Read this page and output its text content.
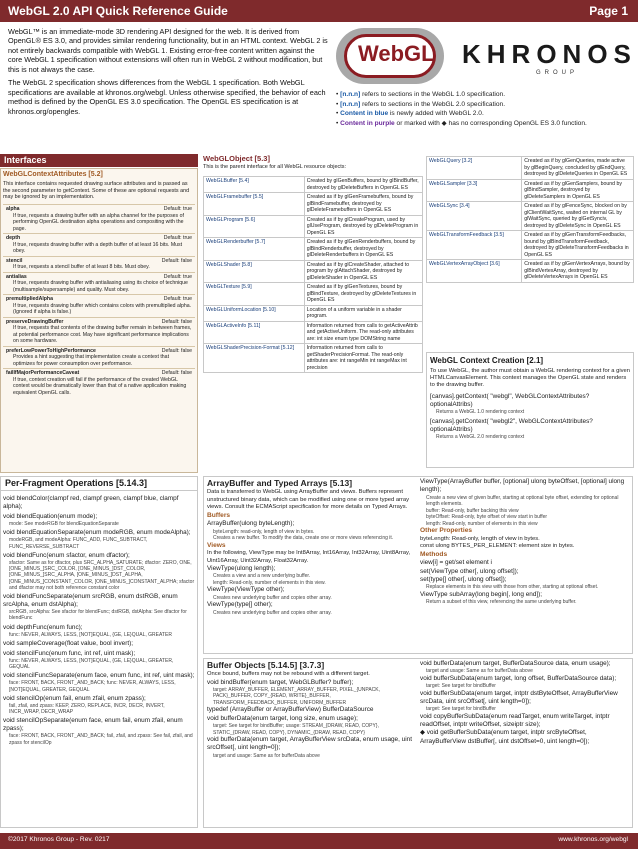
WebGL 2.0 API Quick Reference Guide	Page 1

WebGL™ is an immediate-mode 3D rendering API designed for the web. It is derived from OpenGL® ES 3.0, and provides similar rendering functionality, but in an HTML context. WebGL 2 is not entirely backwards compatible with WebGL 1. Existing error-free content written against the core WebGL 1 specification without extensions will often run in WebGL 2 without modification, but this is not always the case.

The WebGL 2 specification shows differences from the WebGL 1 specification. Both WebGL specifications are available at khronos.org/webgl. Unless otherwise specified, the behavior of each method is defined by the OpenGL ES 3.0 specification. The OpenGL ES specification is at khronos.org/opengles.

WebGL KHRONOS
GROUP
• [n.n.n] refers to sections in the WebGL 1.0 specification.
• [n.n.n] refers to sections in the WebGL 2.0 specification.
• Content in blue is newly added with WebGL 2.0.
• Content in purple or marked with ◆ has no corresponding OpenGL ES 3.0 function.
Interfaces
WebGLContextAttributes [5.2]
This interface contains requested drawing surface attributes and is passed as the second parameter to getContext. Some of these are optional requests and may be ignored by an implementation.
alpha	Default: true
If true, requests a drawing buffer with an alpha channel for the purposes of performing OpenGL destination alpha operations and compositing with the page.
depth	Default: true
If true, requests drawing buffer with a depth buffer of at least 16 bits. Must obey.
stencil	Default: false
If true, requests a stencil buffer of at least 8 bits. Must obey.
antialias	Default: true
If true, requests drawing buffer with antialiasing using its choice of technique (multisample/supersample) and quality. Must obey.
premultipliedAlpha	Default: true
If true, requests drawing buffer which contains colors with premultiplied alpha. (Ignored if alpha is false.)
preserveDrawingBuffer	Default: false
If true, requests that contents of the drawing buffer remain in between frames, at potential performance cost. May have significant performance implications on some hardware.
preferLowPowerToHighPerformance	Default: false
Provides a hint suggesting that implementation create a context that optimizes for power consumption over performance.
failIfMajorPerformanceCaveat	Default: false
If true, context creation will fail if the performance of the created WebGL context would be dramatically lower than that of a native application making equivalent OpenGL calls.
WebGLObject [5.3]
This is the parent interface for all WebGL resource objects:
WebGLBuffer [5.4]	Created by glGenBuffers, bound by glBindBuffer, destroyed by glDeleteBuffers in OpenGL ES
WebGLFramebuffer [5.5]	Created as if by glGenFramebuffers, bound by glBindFramebuffer, destroyed by glDeleteFramebuffers in OpenGL ES
WebGLProgram [5.6]	Created as if by glCreateProgram, used by glUseProgram, destroyed by glDeleteProgram in OpenGL ES
WebGLRenderbuffer [5.7]	Created as if by glGenRenderbuffers, bound by glBindRenderbuffer, destroyed by glDeleteRenderbuffers in OpenGL ES
WebGLShader [5.8]	Created as if by glCreateShader, attached to program by glAttachShader, destroyed by glDeleteShader in OpenGL ES
WebGLTexture [5.9]	Created as if by glGenTextures, bound by glBindTexture, destroyed by glDeleteTextures in OpenGL ES
WebGLUniformLocation [5.10]	Location of a uniform variable in a shader program.
WebGLActiveInfo [5.11]	Information returned from calls to getActiveAttrib and getActiveUniform. The read-only attributes are: int size enum type DOMString name
WebGLShaderPrecision-Format [5.12]	Information returned from calls to getShaderPrecisionFormat. The read-only attributes are: int rangeMin int rangeMax int precision
WebGLQuery [3.2]	Created as if by glGenQueries, made active by glBeginQuery, concluded by glEndQuery, destroyed by glDeleteQueries in OpenGL ES
WebGLSampler [3.3]	Created as if by glGenSamplers, bound by glBindSampler, destroyed by glDeleteSamplers in OpenGL ES
WebGLSync [3.4]	Created as if by glFenceSync, blocked on by glClientWaitSync, waited on internal GL by glWaitSync, queried by glGetSynciv, destroyed by glDeleteSync in OpenGL ES
WebGLTransformFeedback [3.5]	Created as if by glGenTransformFeedbacks, bound by glBindTransformFeedback, destroyed by glDeleteTransformFeedbacks in OpenGL ES
WebGLVertexArrayObject [3.6]	Created as if by glGenVertexArrays, bound by glBindVertexArray, destroyed by glDeleteVertexArrays in OpenGL ES
WebGL Context Creation [2.1]
To use WebGL, the author must obtain a WebGL rendering context for a given HTMLCanvasElement. This context manages the OpenGL state and renders to the drawing buffer.
[canvas].getContext( "webgl", WebGLContextAttributes? optionalAttribs)
Returns a WebGL 1.0 rendering context
[canvas].getContext( "webgl2", WebGLContextAttributes? optionalAttribs)
Returns a WebGL 2.0 rendering context
Per-Fragment Operations [5.14.3]
void blendColor(clampf red, clampf green, clampf blue, clampf alpha);
void blendEquation(enum mode);
mode: See modeRGB for blendEquationSeparate
void blendEquationSeparate(enum modeRGB, enum modeAlpha);
modeRGB, and modeAlpha: FUNC_ADD, FUNC_SUBTRACT, FUNC_REVERSE_SUBTRACT
void blendFunc(enum sfactor, enum dfactor);
sfactor: Same as for dfactor, plus SRC_ALPHA_SATURATE; dfactor: ZERO, ONE, [ONE_MINUS_]SRC_COLOR, [ONE_MINUS_]DST_COLOR, [ONE_MINUS_]SRC_ALPHA, [ONE_MINUS_]DST_ALPHA, [ONE_MINUS_]CONSTANT_COLOR, [ONE_MINUS_]CONSTANT_ALPHA; sfactor and dfactor may not both reference constant color
void blendFuncSeparate(enum srcRGB, enum dstRGB, enum srcAlpha, enum dstAlpha);
srcRGB, srcAlpha: See sfactor for blendFunc; dstRGB, dstAlpha: See dfactor for blendFunc
void depthFunc(enum func);
func: NEVER, ALWAYS, LESS, [NOT]EQUAL, {GE, LE}QUAL, GREATER
void sampleCoverage(float value, bool invert);
void stencilFunc(enum func, int ref, uint mask);
func: NEVER, ALWAYS, LESS, [NOT]EQUAL, {GE, LE}QUAL, GREATER, GEQUAL
void stencilFuncSeparate(enum face, enum func, int ref, uint mask);
face: FRONT, BACK, FRONT_AND_BACK; func: NEVER, ALWAYS, LESS, [NOT]EQUAL, GREATER, GEQUAL
void stencilOp(enum fail, enum zfail, enum zpass);
fail, zfail, and zpass: KEEP, ZERO, REPLACE, INCR, DECR, INVERT, INCR_WRAP, DECR_WRAP
void stencilOpSeparate(enum face, enum fail, enum zfail, enum zpass);
face: FRONT, BACK, FRONT_AND_BACK; fail, zfail, and zpass: See fail, zfail, and zpass for stencilOp
ArrayBuffer and Typed Arrays [5.13]
Data is transferred to WebGL using ArrayBuffer and views. Buffers represent unstructured binary data, which can be modified using one or more typed array views. Consult the ECMAScript specification for more details on Typed Arrays.
Buffers
ArrayBuffer(ulong byteLength);
byteLength: read-only, length of view in bytes.
Creates a new buffer. To modify the data, create one or more views referencing it.
Views
In the following, ViewType may be Int8Array, Int16Array, Int32Array, Uint8Array, Uint16Array, Uint32Array, Float32Array.
ViewType(ulong length);
Creates a view and a new underlying buffer.
length: Read-only, number of elements in this view.
ViewType(ViewType other);
Creates new underlying buffer and copies other array.
ViewType(type[] other);
Creates new underlying buffer and copies other array.
ViewType(ArrayBuffer buffer, [optional] ulong byteOffset, [optional] ulong length);
Create a new view of given buffer, starting at optional byte offset, extending for optional length elements.
buffer: Read-only, buffer backing this view
byteOffset: Read-only, byte offset of view start in buffer
length: Read-only, number of elements in this view
Other Properties
byteLength: Read-only, length of view in bytes.
const ulong BYTES_PER_ELEMENT: element size in bytes.
Methods
view[i] = get/set element i
set(ViewType other[, ulong offset]);
set(type[] other[, ulong offset]);
Replace elements in this view with those from other, starting at optional offset.
ViewType subArray(long begin[, long end]);
Return a subset of this view, referencing the same underlying buffer.
Buffer Objects [5.14.5] [3.7.3]
Once bound, buffers may not be rebound with a different target.
void bindBuffer(enum target, WebGLBuffer? buffer);
target: ARRAY_BUFFER, ELEMENT_ARRAY_BUFFER, PIXEL_{UNPACK, PACK}_BUFFER, COPY_{READ, WRITE}_BUFFER, TRANSFORM_FEEDBACK_BUFFER, UNIFORM_BUFFER
typedef (ArrayBuffer or ArrayBufferView) BufferDataSource
void bufferData(enum target, long size, enum usage);
target: See target for bindBuffer; usage: STREAM_{DRAW, READ, COPY}, STATIC_{DRAW, READ, COPY}, DYNAMIC_{DRAW, READ, COPY}
void bufferData(enum target, ArrayBufferView srcData, enum usage, uint srcOffset[, uint length=0]);
target and usage: Same as for bufferData above
void bufferData(enum target, BufferDataSource data, enum usage);
target and usage: Same as for bufferData above
void bufferSubData(enum target, long offset, BufferDataSource data);
target: See target for bindBuffer
void bufferSubData(enum target, intptr dstByteOffset, ArrayBufferView srcData, uint srcOffset[, uint length=0]);
target: See target for bindBuffer
void copyBufferSubData(enum readTarget, enum writeTarget, intptr readOffset, intptr writeOffset, sizeiptr size);
◆ void getBufferSubData(enum target, intptr srcByteOffset, ArrayBufferView dstBuffer[, uint dstOffset=0, uint length=0]);
©2017 Khronos Group - Rev. 0217	www.khronos.org/webgl
